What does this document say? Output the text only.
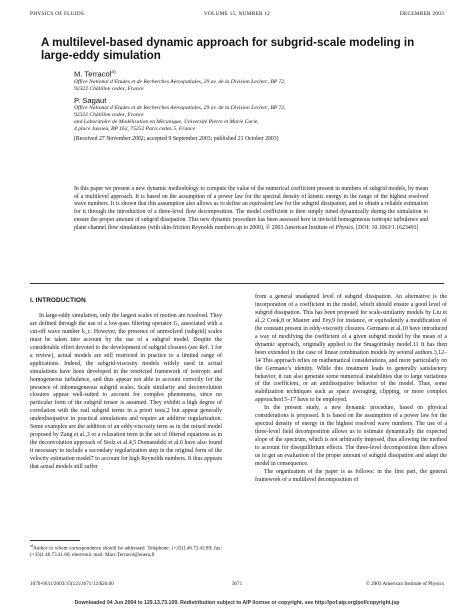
PHYSICS OF FLUIDS	VOLUME 15, NUMBER 12	DECEMBER 2003
A multilevel-based dynamic approach for subgrid-scale modeling in large-eddy simulation

M. Terracol$^{a)}$

Office National d’Etudes et de Recherches Aérospatiales, 29 av. de la Division Leclerc, BP 72,
92322 Châtillon cedex, France

P. Sagaut

Office National d’Etudes et de Recherches Aérospatiales, 29 av. de la Division Leclerc, BP 72,
92322 Châtillon cedex, France
and Laboratoire de Modélisation en Mécanique, Université Pierre et Marie Curie,
4 place Jussieu, BP 162, 75252 Paris cedex 5, France

(Received 27 November 2002; accepted 9 September 2003; published 21 October 2003)
In this paper we present a new dynamic methodology to compute the value of the numerical coefficient present in numbers of subgrid models, by mean of a multilevel approach. It is based on the assumption of a power law for the spectral density of kinetic energy in the range of the highest resolved wave numbers. It is shown that this assumption also allows us to define an equivalent law for the subgrid dissipation, and to obtain a reliable estimation for it through the introduction of a three-level flow decomposition. The model coefficient is then simply tuned dynamically during the simulation to ensure the proper amount of subgrid dissipation. This new dynamic procedure has been assessed here in inviscid homogeneous isotropic turbulence and plane channel flow simulations (with skin-friction Reynolds numbers up to 2000). © 2003 American Institute of Physics. [DOI: 10.1063/1.1623491]
I. INTRODUCTION

In large-eddy simulation, only the largest scales of motion are resolved. They are defined through the use of a low-pass filtering operator G, associated with a cut-off wave number k_c. However, the presence of unresolved (subgrid) scales must be taken into account by the use of a subgrid model. Despite the considerable effort devoted to the development of subgrid closures (see Ref. 1 for a review), actual models are still restricted in practice to a limited range of applications. Indeed, the subgrid-viscosity models widely used in actual simulations have been developed in the restricted framework of isotropic and homogeneous turbulence, and thus appear not able to account correctly for the presence of inhomogeneous subgrid scales. Scale similarity and deconvolution closures appear well-suited to account for complex phenomena, since no particular form of the subgrid tensor is assumed. They exhibit a high degree of correlation with the real subgrid terms in a priori tests,2 but appear generally underdissipative in practical simulations and require an additive regularization. Some examples are the addition of an eddy-viscosity term as in the mixed model proposed by Zang et al.,3 or a relaxation term in the set of filtered equations as in the deconvolution approach of Stolz et al.4,5 Domaradzki et al.6 have also found it necessary to include a secondary regularization step in the original form of the velocity estimation model7 to account for high Reynolds numbers. It thus appears that actual models still suffer

from a general unadapted level of subgrid dissipation. An alternative is the incorporation of a coefficient in the model, which should ensure a good level of subgrid dissipation. This has been proposed for scale-similarity models by Liu et al.,2 Cook,8 or Maurer and Fey,9 for instance, or equivalently a modification of the constant present in eddy-viscosity closures. Germano et al.10 have introduced a way of modifying the coefficient of a given subgrid model by the mean of a dynamic approach, originally applied to the Smagorinsky model.11 It has then been extended to the case of linear combination models by several authors.3,12–14 This approach relies on mathematical considerations, and more particularly on the Germano’s identity. While this treatment leads to generally satisfactory behavior, it can also generate some numerical instabilities due to large variations of the coefficient, or an antidissipative behavior of the model. Thus, some stabilization techniques such as space averaging, clipping, or more complex approaches15–17 have to be employed.

In the present study, a new dynamic procedure, based on physical considerations is proposed. It is based on the assumption of a power law for the spectral density of energy in the highest resolved wave numbers. The use of a three-level field decomposition allows us to estimate dynamically the expected slope of the spectrum, which is not arbitrarily imposed, thus allowing the method to account for disequilibrium effects. The three-level decomposition then allows us to get an evaluation of the proper amount of subgrid dissipation and adapt the model in consequence.

The organization of the paper is as follows: in the first part, the general framework of a multilevel decomposition of

$^{a)}$Author to whom correspondence should be addressed. Telephone: (+33)1.46.73.42.89; fax: (+33)1.46.73.41.66; electronic mail: Marc.Terracol@onera.fr
1070-6631/2003/15(12)/3671/12/$20.00	3671	© 2003 American Institute of Physics
Downloaded 04 Jun 2004 to 129.13.73.109. Redistribution subject to AIP license or copyright, see http://pof.aip.org/pof/copyright.jsp
